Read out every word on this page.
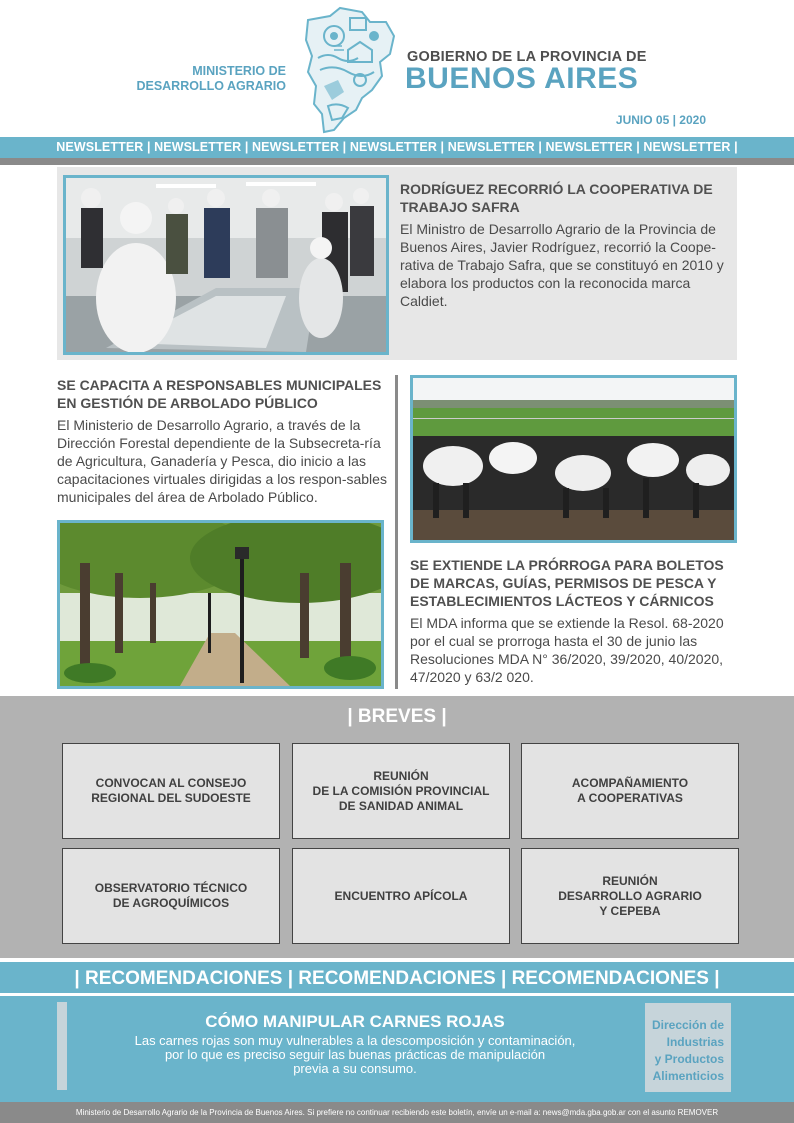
MINISTERIO DE
DESARROLLO AGRARIO
GOBIERNO DE LA PROVINCIA DE
BUENOS AIRES
JUNIO 05 | 2020
NEWSLETTER | NEWSLETTER | NEWSLETTER | NEWSLETTER | NEWSLETTER | NEWSLETTER | NEWSLETTER |
RODRÍGUEZ RECORRIÓ LA COOPERATIVA DE TRABAJO SAFRA
El Ministro de Desarrollo Agrario de la Provincia de Buenos Aires, Javier Rodríguez, recorrió la Coope-rativa de Trabajo Safra, que se constituyó en 2010 y elabora los productos con la reconocida marca Caldiet.
SE CAPACITA A RESPONSABLES MUNICIPALES EN GESTIÓN DE ARBOLADO PÚBLICO
El Ministerio de Desarrollo Agrario, a través de la Dirección Forestal dependiente de la Subsecreta-ría de Agricultura, Ganadería y Pesca, dio inicio a las capacitaciones virtuales dirigidas a los respon-sables municipales del área de Arbolado Público.
SE EXTIENDE LA PRÓRROGA PARA BOLETOS DE MARCAS, GUÍAS, PERMISOS DE PESCA Y ESTABLECIMIENTOS LÁCTEOS Y CÁRNICOS
El MDA informa que se extiende la Resol. 68-2020 por el cual se prorroga hasta el 30 de junio las Resoluciones MDA N° 36/2020, 39/2020, 40/2020, 47/2020 y 63/2 020.
| BREVES |
CONVOCAN AL CONSEJO
REGIONAL DEL SUDOESTE
REUNIÓN
DE LA COMISIÓN PROVINCIAL
DE SANIDAD ANIMAL
ACOMPAÑAMIENTO
A COOPERATIVAS
OBSERVATORIO TÉCNICO
DE AGROQUÍMICOS
ENCUENTRO APÍCOLA
REUNIÓN
DESARROLLO AGRARIO
Y CEPEBA
| RECOMENDACIONES | RECOMENDACIONES | RECOMENDACIONES |
CÓMO MANIPULAR CARNES ROJAS
Las carnes rojas son muy vulnerables a la descomposición y contaminación,
por lo que es preciso seguir las buenas prácticas de manipulación
previa a su consumo.
Dirección de
Industrias
y Productos
Alimenticios
Ministerio de Desarrollo Agrario de la Provincia de Buenos Aires. Si prefiere no continuar recibiendo este boletín, envíe un e-mail a: news@mda.gba.gob.ar con el asunto REMOVER
